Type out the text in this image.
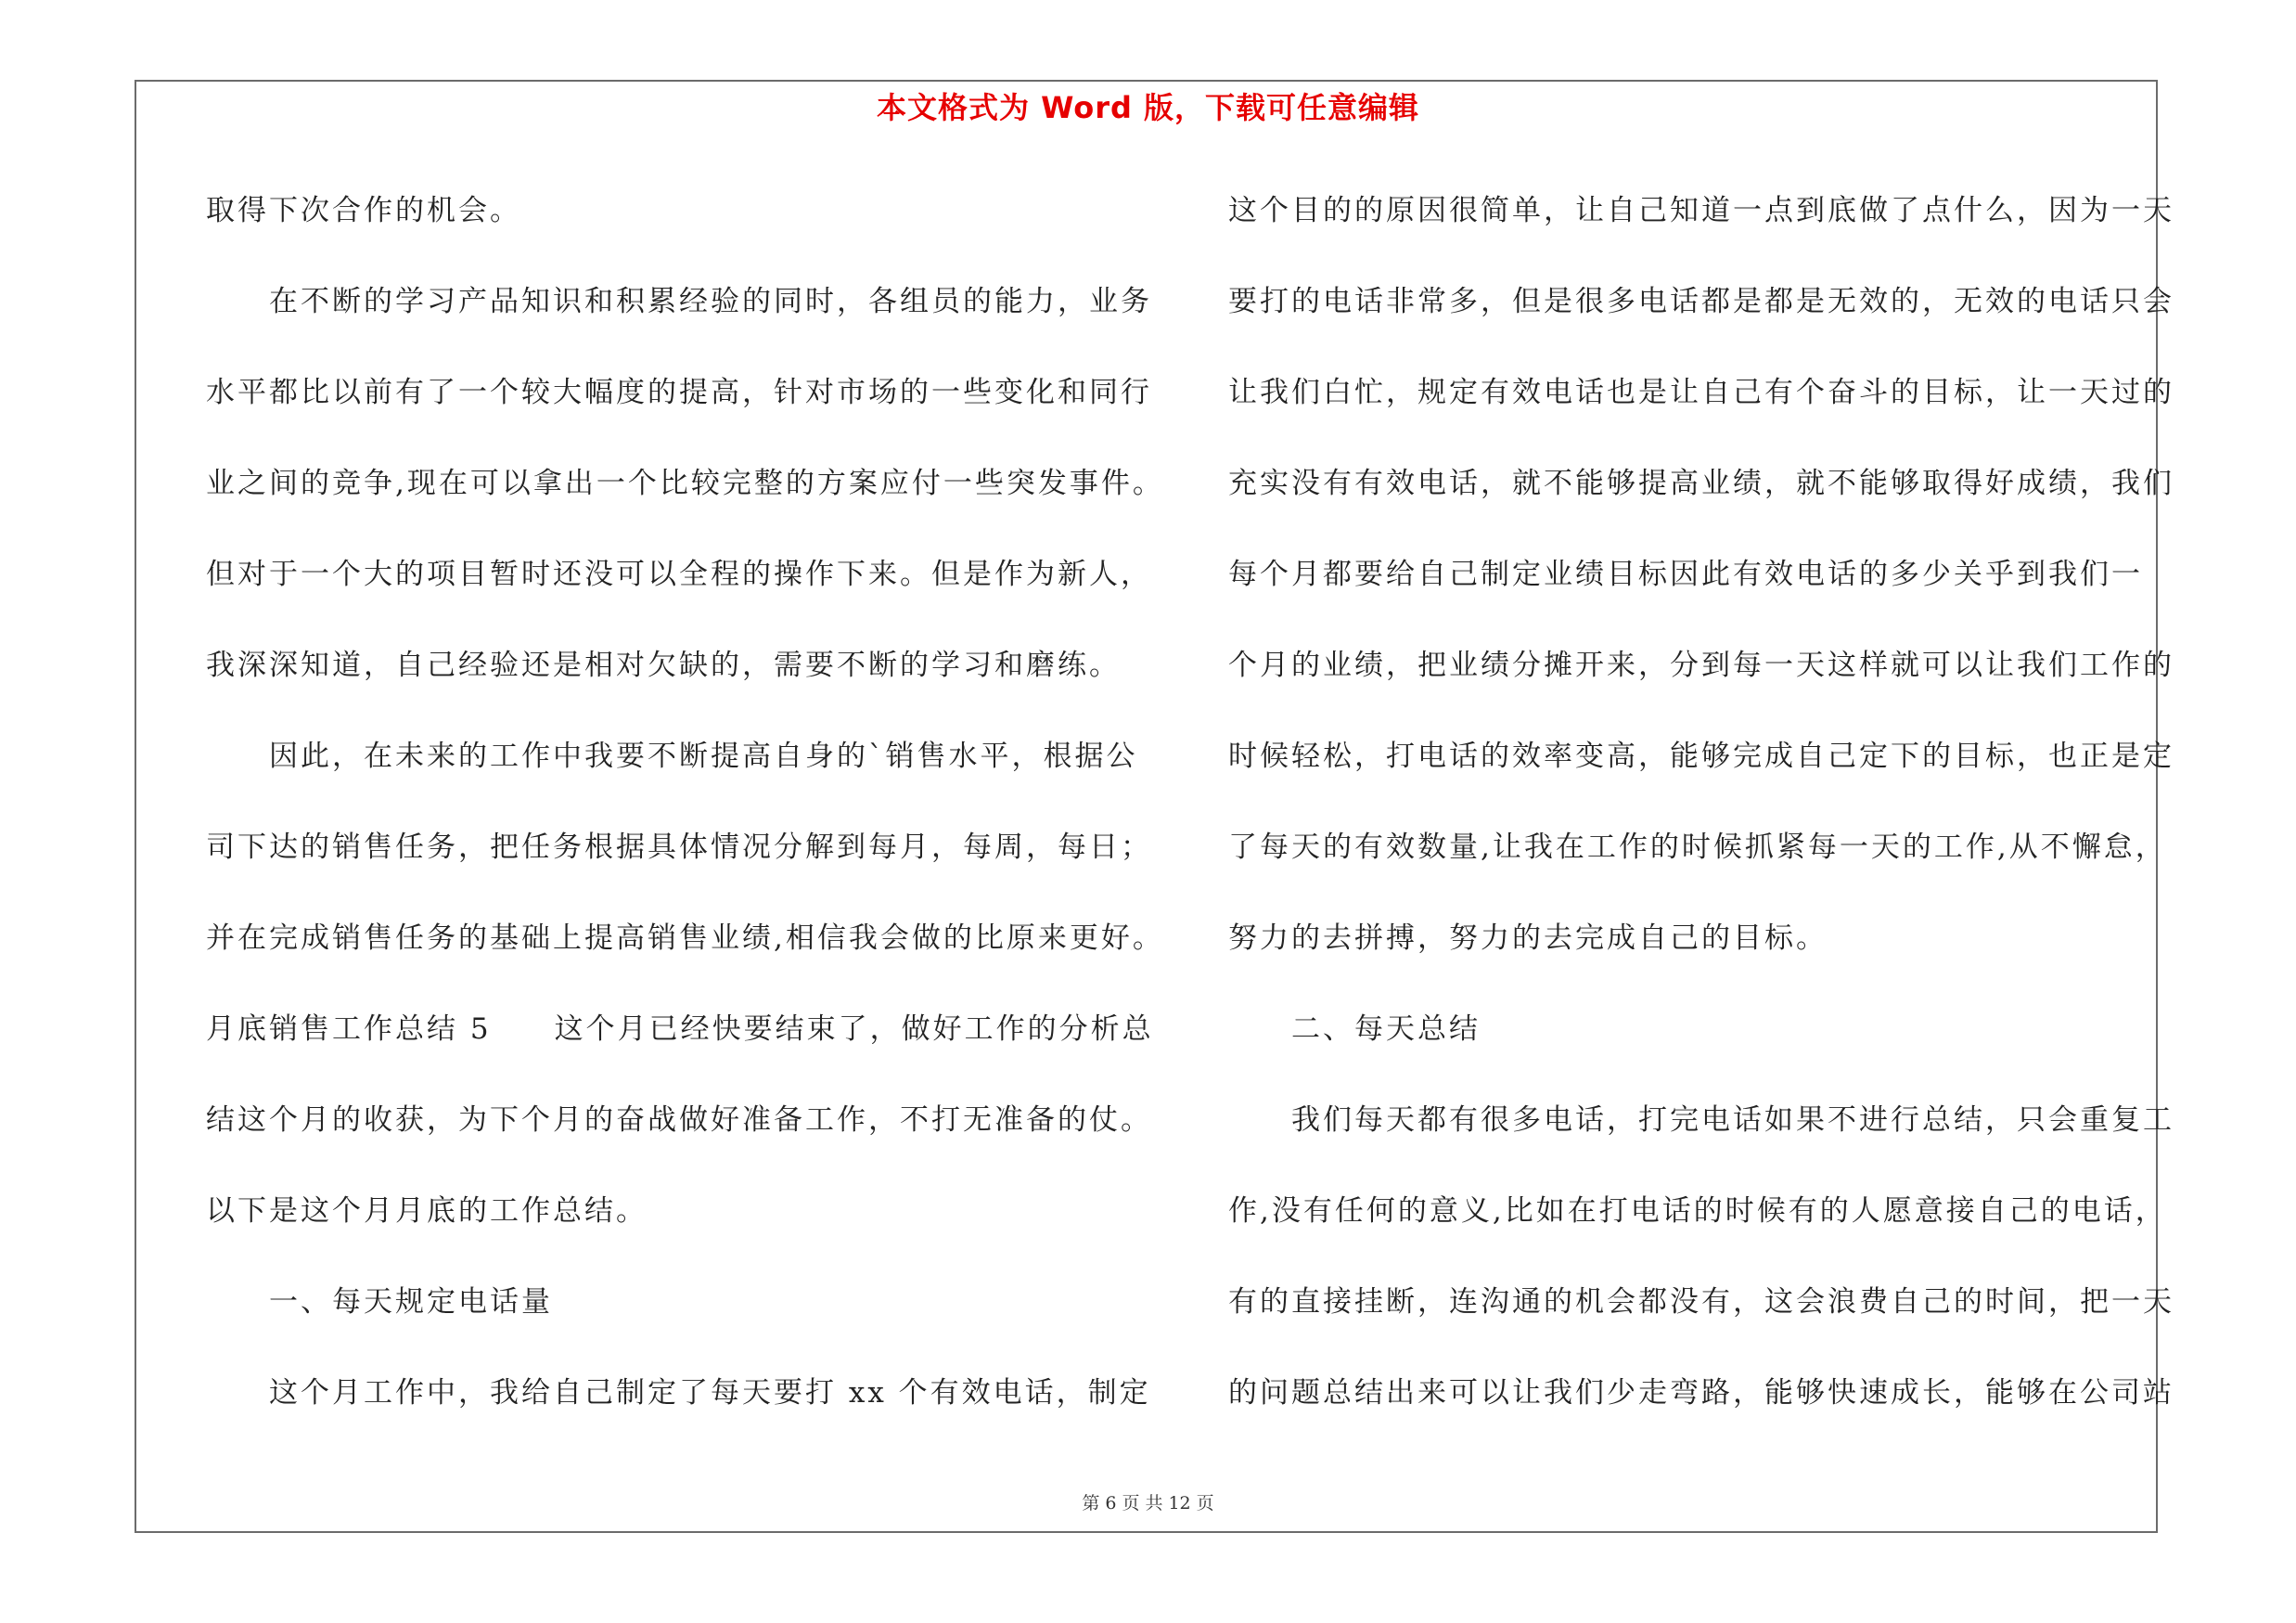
本文格式为 Word 版，下载可任意编辑
取得下次合作的机会。
在不断的学习产品知识和积累经验的同时，各组员的能力，业务
水平都比以前有了一个较大幅度的提高，针对市场的一些变化和同行
业之间的竞争,现在可以拿出一个比较完整的方案应付一些突发事件。
但对于一个大的项目暂时还没可以全程的操作下来。但是作为新人，
我深深知道，自己经验还是相对欠缺的，需要不断的学习和磨练。
因此，在未来的工作中我要不断提高自身的`销售水平，根据公
司下达的销售任务，把任务根据具体情况分解到每月，每周，每日；
并在完成销售任务的基础上提高销售业绩,相信我会做的比原来更好。
月底销售工作总结 5　　这个月已经快要结束了，做好工作的分析总
结这个月的收获，为下个月的奋战做好准备工作，不打无准备的仗。
以下是这个月月底的工作总结。
一、每天规定电话量
这个月工作中，我给自己制定了每天要打 xx 个有效电话，制定
这个目的的原因很简单，让自己知道一点到底做了点什么，因为一天
要打的电话非常多，但是很多电话都是都是无效的，无效的电话只会
让我们白忙，规定有效电话也是让自己有个奋斗的目标，让一天过的
充实没有有效电话，就不能够提高业绩，就不能够取得好成绩，我们
每个月都要给自己制定业绩目标因此有效电话的多少关乎到我们一
个月的业绩，把业绩分摊开来，分到每一天这样就可以让我们工作的
时候轻松，打电话的效率变高，能够完成自己定下的目标，也正是定
了每天的有效数量,让我在工作的时候抓紧每一天的工作,从不懈怠，
努力的去拼搏，努力的去完成自己的目标。
二、每天总结
我们每天都有很多电话，打完电话如果不进行总结，只会重复工
作,没有任何的意义,比如在打电话的时候有的人愿意接自己的电话，
有的直接挂断，连沟通的机会都没有，这会浪费自己的时间，把一天
的问题总结出来可以让我们少走弯路，能够快速成长，能够在公司站
第 6 页 共 12 页
